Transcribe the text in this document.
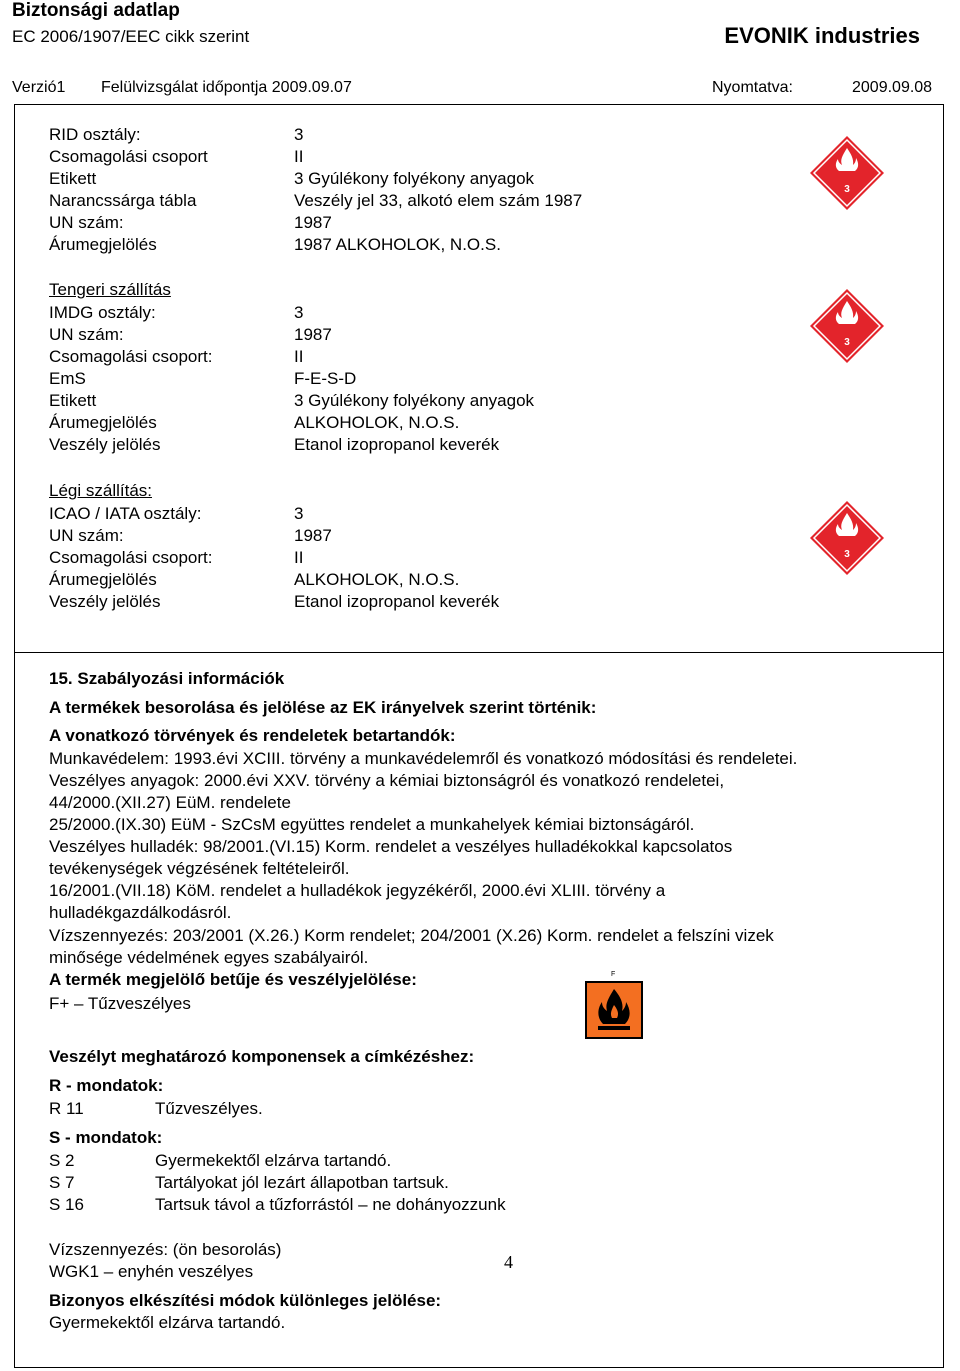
Biztonsági adatlap
EC 2006/1907/EEC cikk szerint	EVONIK industries
Verzió1 Felülvizsgálat időpontja 2009.09.07	Nyomtatva:	2009.09.08
RID osztály:	3
Csomagolási csoport	II
Etikett	3 Gyúlékony folyékony anyagok
Narancssárga tábla	Veszély jel 33, alkotó elem szám 1987
UN szám:	1987
Árumegjelölés	1987 ALKOHOLOK, N.O.S.
Tengeri szállítás
IMDG osztály:	3
UN szám:	1987
Csomagolási csoport:	II
EmS	F-E-S-D
Etikett	3 Gyúlékony folyékony anyagok
Árumegjelölés	ALKOHOLOK, N.O.S.
Veszély jelölés	Etanol izopropanol keverék
Légi szállítás:
ICAO / IATA osztály:	3
UN szám:	1987
Csomagolási csoport:	II
Árumegjelölés	ALKOHOLOK, N.O.S.
Veszély jelölés	Etanol izopropanol keverék
3
3
3
15. Szabályozási információk
A termékek besorolása és jelölése az EK irányelvek szerint történik:
A vonatkozó törvények és rendeletek betartandók:
Munkavédelem: 1993.évi XCIII. törvény a munkavédelemről és vonatkozó módosítási és rendeletei.
Veszélyes anyagok: 2000.évi XXV. törvény a kémiai biztonságról és vonatkozó rendeletei,
44/2000.(XII.27) EüM. rendelete
25/2000.(IX.30) EüM - SzCsM együttes rendelet a munkahelyek kémiai biztonságáról.
Veszélyes hulladék: 98/2001.(VI.15) Korm. rendelet a veszélyes hulladékokkal kapcsolatos
tevékenységek végzésének feltételeiről.
16/2001.(VII.18) KöM. rendelet a hulladékok jegyzékéről, 2000.évi XLIII. törvény a
hulladékgazdálkodásról.
Vízszennyezés: 203/2001 (X.26.) Korm rendelet; 204/2001 (X.26) Korm. rendelet a felszíni vizek
minősége védelmének egyes szabályairól.
A termék megjelölő betűje és veszélyjelölése:
F+ – Tűzveszélyes
F
Veszélyt meghatározó komponensek a címkézéshez:
R - mondatok:
R 11	Tűzveszélyes.
S - mondatok:
S 2	Gyermekektől elzárva tartandó.
S 7	Tartályokat jól lezárt állapotban tartsuk.
S 16	Tartsuk távol a tűzforrástól – ne dohányozzunk
Vízszennyezés: (ön besorolás)
WGK1 – enyhén veszélyes
Bizonyos elkészítési módok különleges jelölése:
Gyermekektől elzárva tartandó.
4
